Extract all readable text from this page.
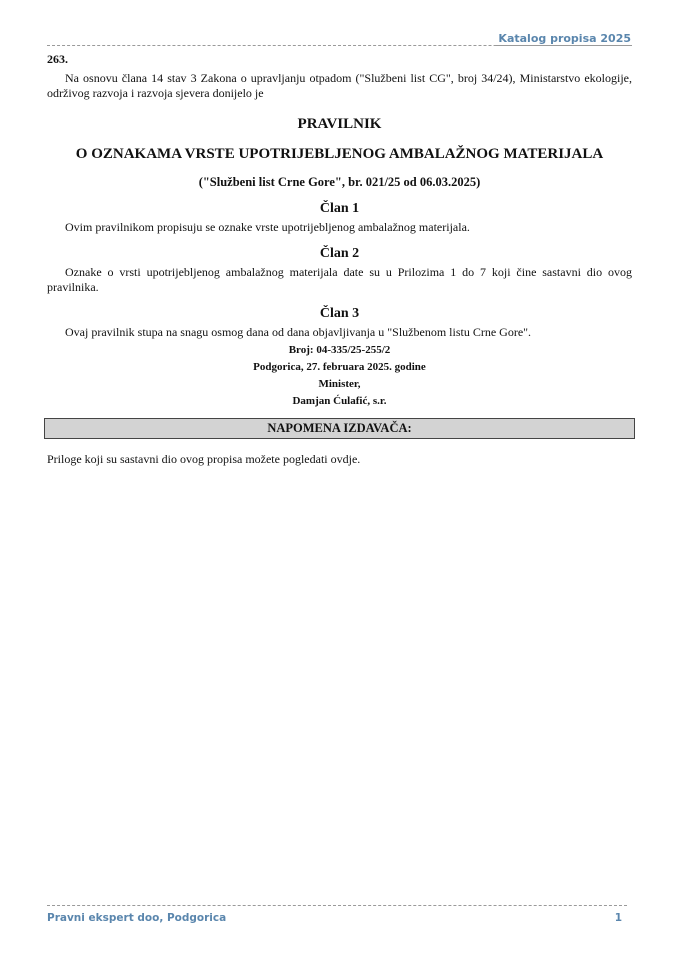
Katalog propisa 2025

263.

Na osnovu člana 14 stav 3 Zakona o upravljanju otpadom ("Službeni list CG", broj 34/24), Ministarstvo ekologije, održivog razvoja i razvoja sjevera donijelo je

PRAVILNIK

O OZNAKAMA VRSTE UPOTRIJEBLJENOG AMBALAŽNOG MATERIJALA

("Službeni list Crne Gore", br. 021/25 od 06.03.2025)

Član 1

Ovim pravilnikom propisuju se oznake vrste upotrijebljenog ambalažnog materijala.

Član 2

Oznake o vrsti upotrijebljenog ambalažnog materijala date su u Prilozima 1 do 7 koji čine sastavni dio ovog pravilnika.

Član 3

Ovaj pravilnik stupa na snagu osmog dana od dana objavljivanja u "Službenom listu Crne Gore".

Broj: 04-335/25-255/2

Podgorica, 27. februara 2025. godine

Minister,

Damjan Ćulafić, s.r.

NAPOMENA IZDAVAČA:

Priloge koji su sastavni dio ovog propisa možete pogledati ovdje.

Pravni ekspert doo, Podgorica	1
